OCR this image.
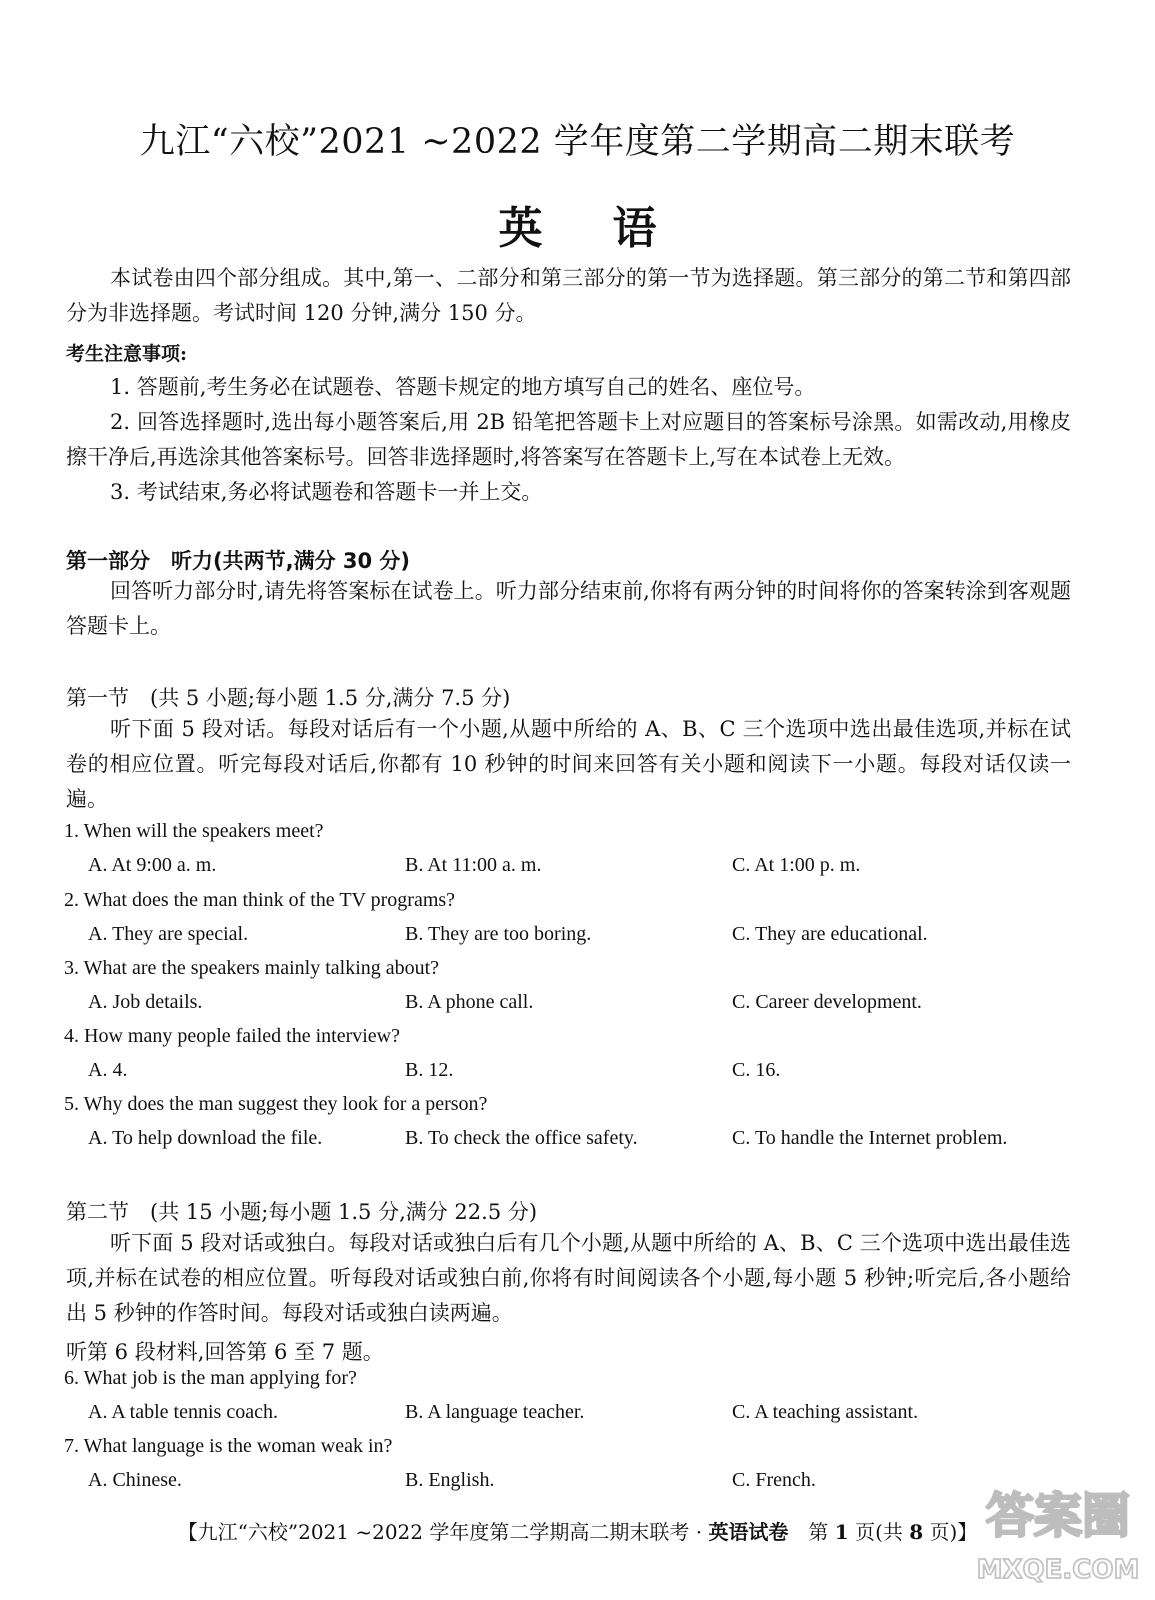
九江“六校”2021 ~2022 学年度第二学期高二期末联考
英语
本试卷由四个部分组成。其中,第一、二部分和第三部分的第一节为选择题。第三部分的第二节和第四部分为非选择题。考试时间 120 分钟,满分 150 分。
考生注意事项:
1. 答题前,考生务必在试题卷、答题卡规定的地方填写自己的姓名、座位号。
2. 回答选择题时,选出每小题答案后,用 2B 铅笔把答题卡上对应题目的答案标号涂黑。如需改动,用橡皮擦干净后,再选涂其他答案标号。回答非选择题时,将答案写在答题卡上,写在本试卷上无效。
3. 考试结束,务必将试题卷和答题卡一并上交。
第一部分　听力(共两节,满分 30 分)
回答听力部分时,请先将答案标在试卷上。听力部分结束前,你将有两分钟的时间将你的答案转涂到客观题答题卡上。
第一节　(共 5 小题;每小题 1.5 分,满分 7.5 分)
听下面 5 段对话。每段对话后有一个小题,从题中所给的 A、B、C 三个选项中选出最佳选项,并标在试卷的相应位置。听完每段对话后,你都有 10 秒钟的时间来回答有关小题和阅读下一小题。每段对话仅读一遍。
1. When will the speakers meet?
A. At 9:00 a. m.	B. At 11:00 a. m.	C. At 1:00 p. m.
2. What does the man think of the TV programs?
A. They are special.	B. They are too boring.	C. They are educational.
3. What are the speakers mainly talking about?
A. Job details.	B. A phone call.	C. Career development.
4. How many people failed the interview?
A. 4.	B. 12.	C. 16.
5. Why does the man suggest they look for a person?
A. To help download the file.	B. To check the office safety.	C. To handle the Internet problem.
第二节　(共 15 小题;每小题 1.5 分,满分 22.5 分)
听下面 5 段对话或独白。每段对话或独白后有几个小题,从题中所给的 A、B、C 三个选项中选出最佳选项,并标在试卷的相应位置。听每段对话或独白前,你将有时间阅读各个小题,每小题 5 秒钟;听完后,各小题给出 5 秒钟的作答时间。每段对话或独白读两遍。
听第 6 段材料,回答第 6 至 7 题。
6. What job is the man applying for?
A. A table tennis coach.	B. A language teacher.	C. A teaching assistant.
7. What language is the woman weak in?
A. Chinese.	B. English.	C. French.
【九江“六校”2021 ~2022 学年度第二学期高二期末联考 · 英语试卷　第 1 页(共 8 页)】 答案圈
MXQE.COM
